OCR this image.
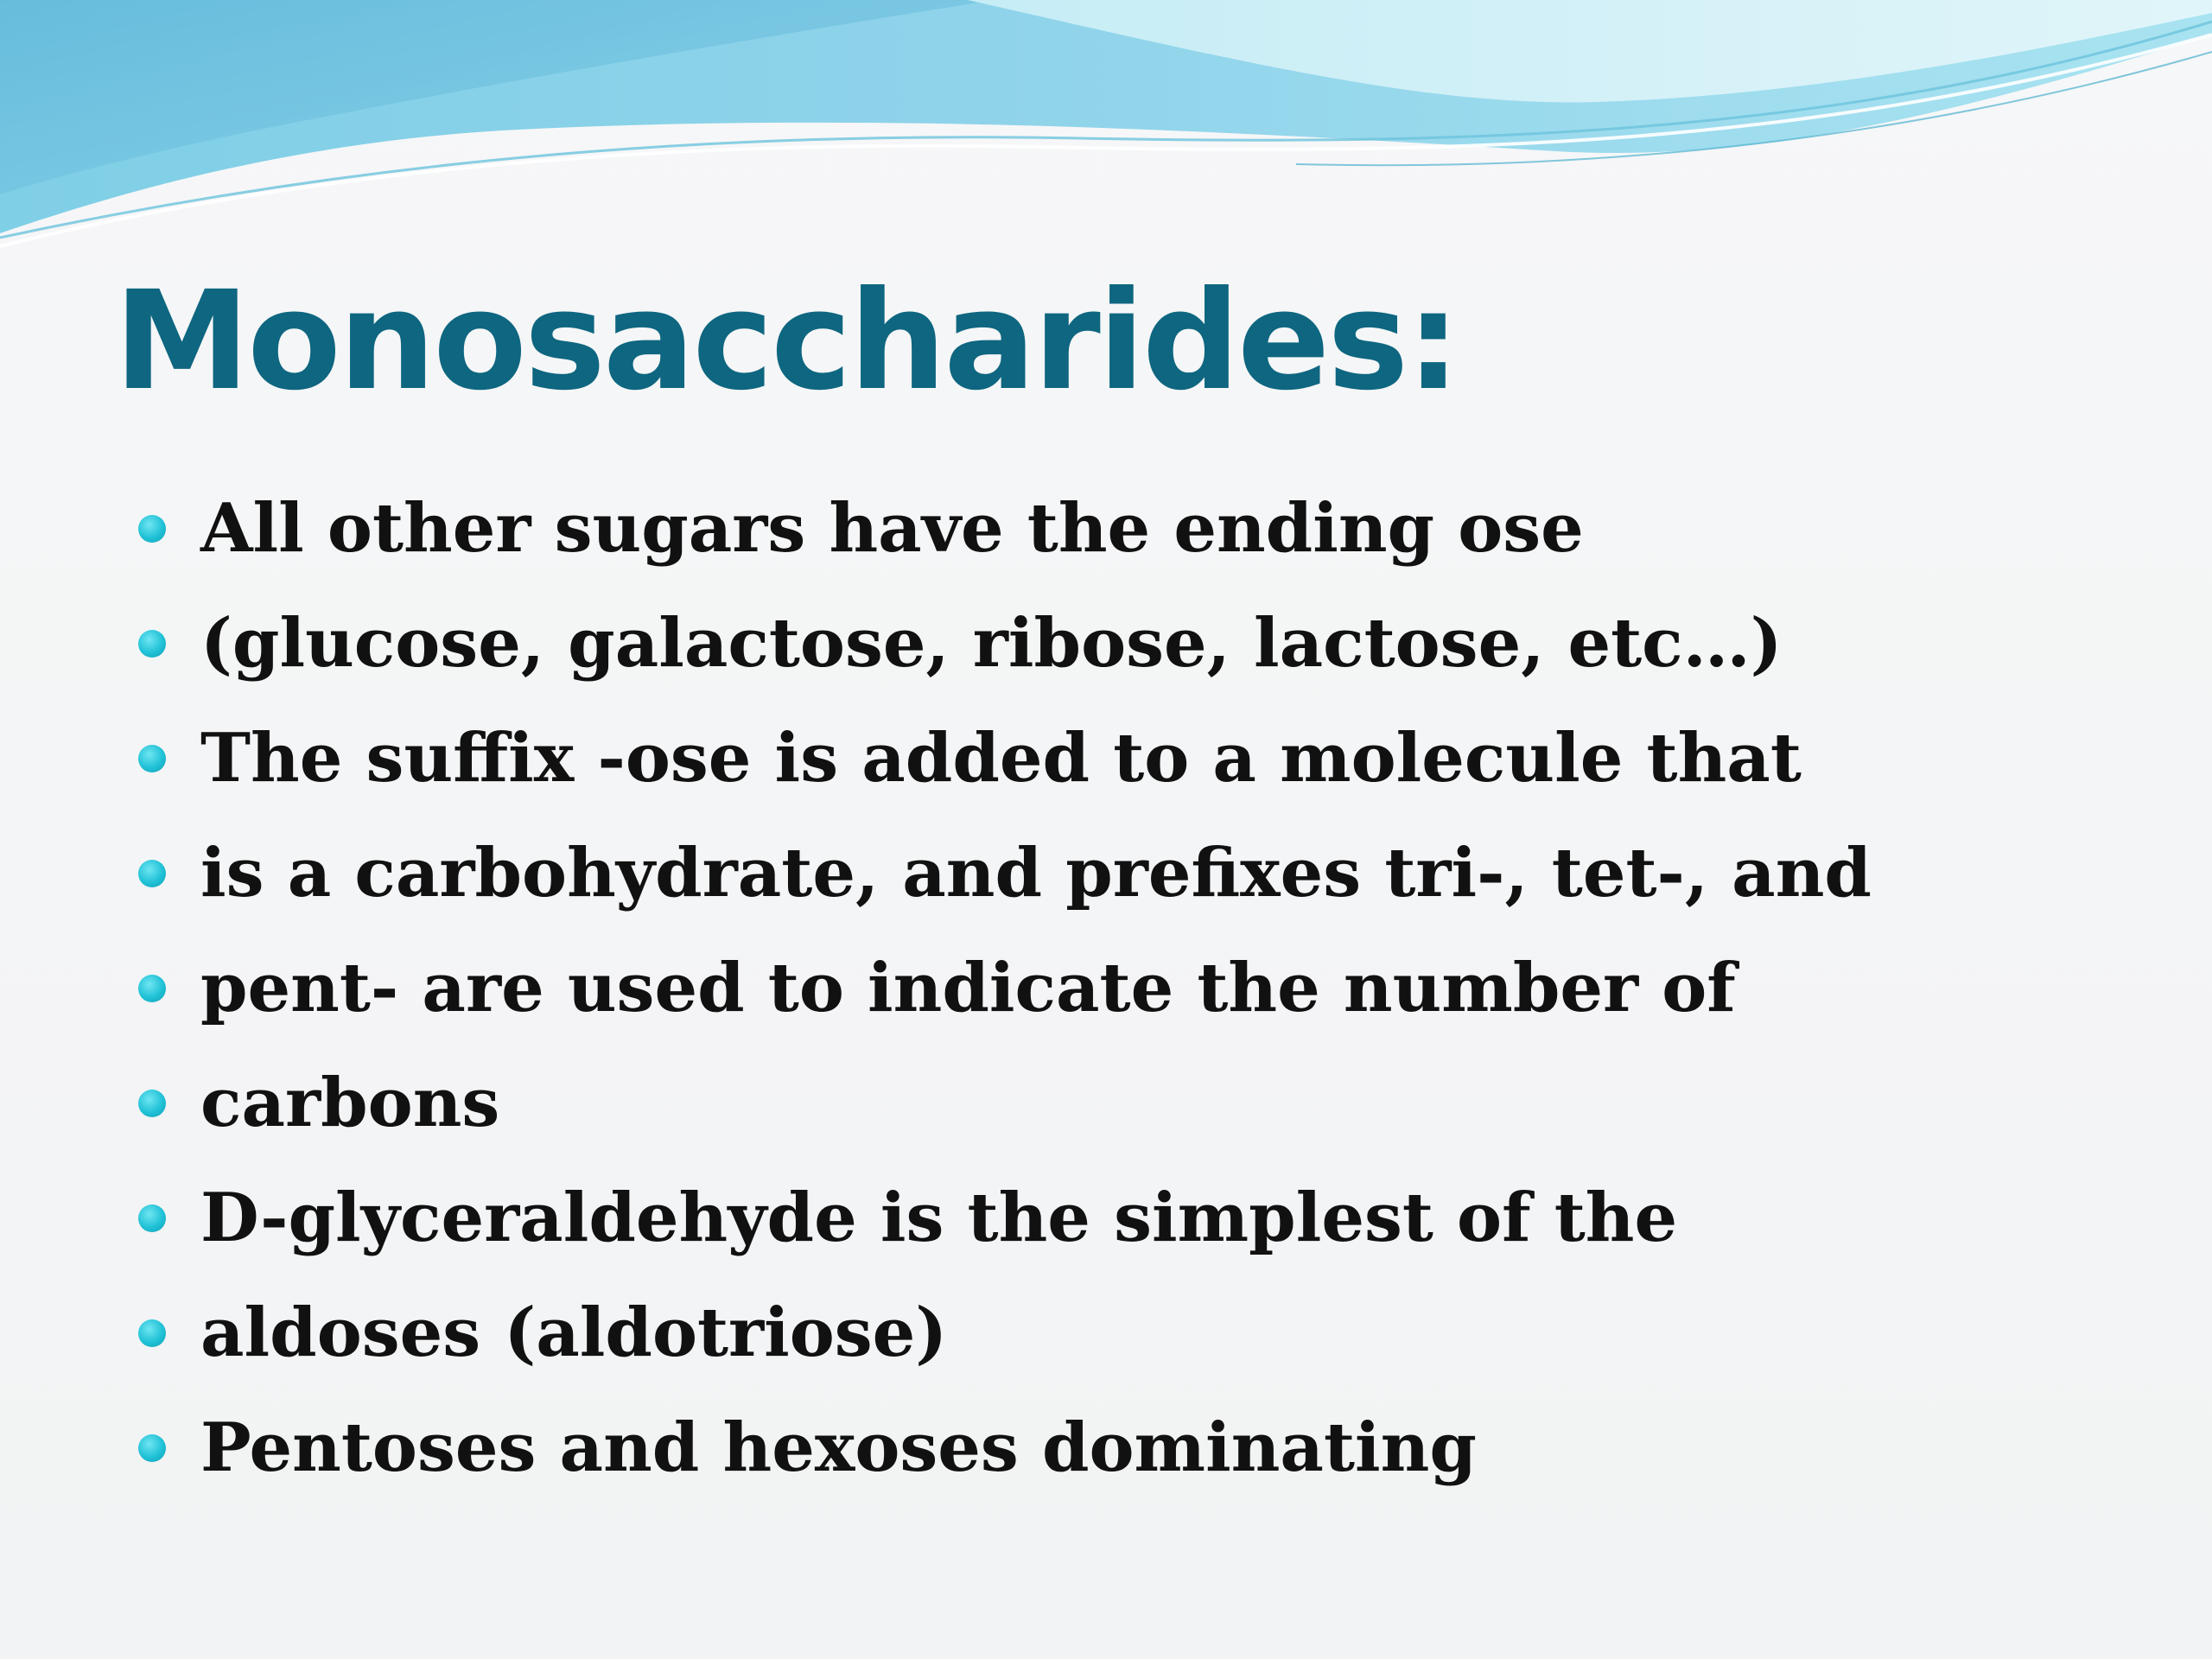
Monosaccharides:
All other sugars have the ending ose
(glucose, galactose, ribose, lactose, etc…)
The suffix -ose is added to a molecule that
is a carbohydrate, and prefixes tri-, tet-, and
pent- are used to indicate the number of
carbons
D-glyceraldehyde is the simplest of the
aldoses (aldotriose)
Pentoses and hexoses dominating
